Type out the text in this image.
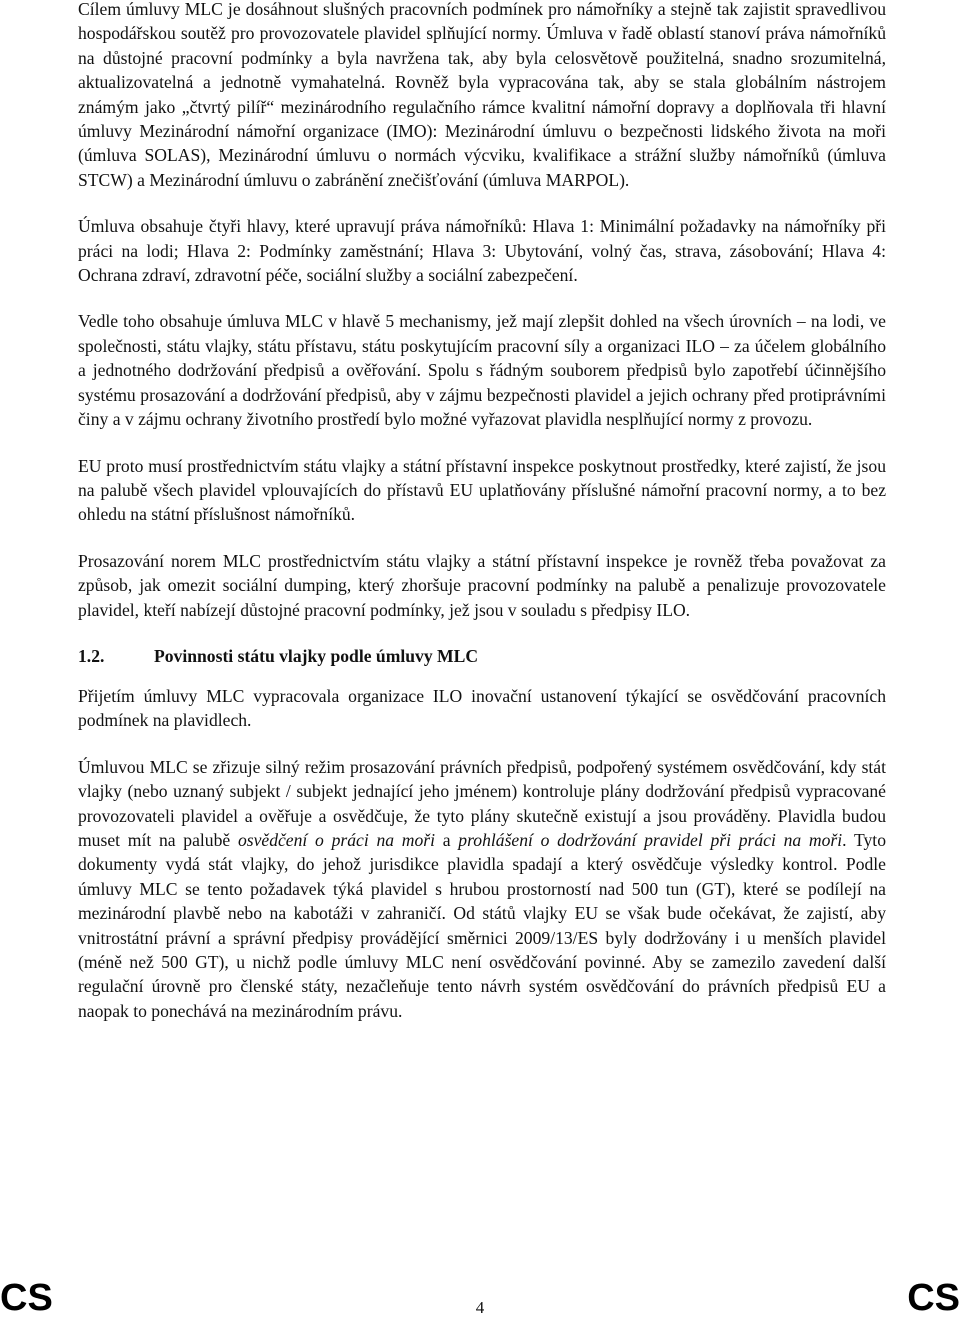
Cílem úmluvy MLC je dosáhnout slušných pracovních podmínek pro námořníky a stejně tak zajistit spravedlivou hospodářskou soutěž pro provozovatele plavidel splňující normy. Úmluva v řadě oblastí stanoví práva námořníků na důstojné pracovní podmínky a byla navržena tak, aby byla celosvětově použitelná, snadno srozumitelná, aktualizovatelná a jednotně vymahatelná. Rovněž byla vypracována tak, aby se stala globálním nástrojem známým jako „čtvrtý pilíř“ mezinárodního regulačního rámce kvalitní námořní dopravy a doplňovala tři hlavní úmluvy Mezinárodní námořní organizace (IMO): Mezinárodní úmluvu o bezpečnosti lidského života na moři (úmluva SOLAS), Mezinárodní úmluvu o normách výcviku, kvalifikace a strážní služby námořníků (úmluva STCW) a Mezinárodní úmluvu o zabránění znečišťování (úmluva MARPOL).

Úmluva obsahuje čtyři hlavy, které upravují práva námořníků: Hlava 1: Minimální požadavky na námořníky při práci na lodi; Hlava 2: Podmínky zaměstnání; Hlava 3: Ubytování, volný čas, strava, zásobování; Hlava 4: Ochrana zdraví, zdravotní péče, sociální služby a sociální zabezpečení.

Vedle toho obsahuje úmluva MLC v hlavě 5 mechanismy, jež mají zlepšit dohled na všech úrovních – na lodi, ve společnosti, státu vlajky, státu přístavu, státu poskytujícím pracovní síly a organizaci ILO – za účelem globálního a jednotného dodržování předpisů a ověřování. Spolu s řádným souborem předpisů bylo zapotřebí účinnějšího systému prosazování a dodržování předpisů, aby v zájmu bezpečnosti plavidel a jejich ochrany před protiprávními činy a v zájmu ochrany životního prostředí bylo možné vyřazovat plavidla nesplňující normy z provozu.

EU proto musí prostřednictvím státu vlajky a státní přístavní inspekce poskytnout prostředky, které zajistí, že jsou na palubě všech plavidel vplouvajících do přístavů EU uplatňovány příslušné námořní pracovní normy, a to bez ohledu na státní příslušnost námořníků.

Prosazování norem MLC prostřednictvím státu vlajky a státní přístavní inspekce je rovněž třeba považovat za způsob, jak omezit sociální dumping, který zhoršuje pracovní podmínky na palubě a penalizuje provozovatele plavidel, kteří nabízejí důstojné pracovní podmínky, jež jsou v souladu s předpisy ILO.

1.2.	Povinnosti státu vlajky podle úmluvy MLC

Přijetím úmluvy MLC vypracovala organizace ILO inovační ustanovení týkající se osvědčování pracovních podmínek na plavidlech.

Úmluvou MLC se zřizuje silný režim prosazování právních předpisů, podpořený systémem osvědčování, kdy stát vlajky (nebo uznaný subjekt / subjekt jednající jeho jménem) kontroluje plány dodržování předpisů vypracované provozovateli plavidel a ověřuje a osvědčuje, že tyto plány skutečně existují a jsou prováděny. Plavidla budou muset mít na palubě osvědčení o práci na moři a prohlášení o dodržování pravidel při práci na moři. Tyto dokumenty vydá stát vlajky, do jehož jurisdikce plavidla spadají a který osvědčuje výsledky kontrol. Podle úmluvy MLC se tento požadavek týká plavidel s hrubou prostorností nad 500 tun (GT), které se podílejí na mezinárodní plavbě nebo na kabotáži v zahraničí. Od států vlajky EU se však bude očekávat, že zajistí, aby vnitrostátní právní a správní předpisy provádějící směrnici 2009/13/ES byly dodržovány i u menších plavidel (méně než 500 GT), u nichž podle úmluvy MLC není osvědčování povinné. Aby se zamezilo zavedení další regulační úrovně pro členské státy, nezačleňuje tento návrh systém osvědčování do právních předpisů EU a naopak to ponechává na mezinárodním právu.

CS	4	CS
